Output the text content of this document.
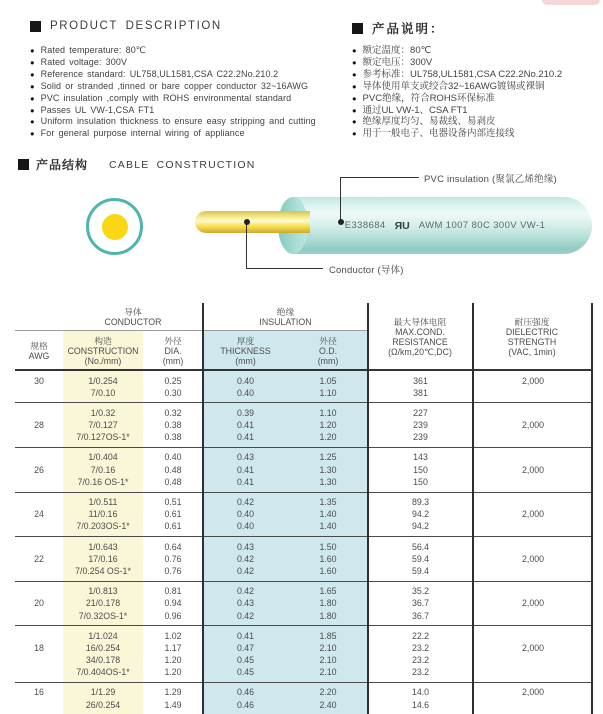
PRODUCT DESCRIPTION
● Rated temperature: 80℃
● Rated voltage: 300V
● Reference standard: UL758,UL1581,CSA C22.2No.210.2
● Solid or stranded ,tinned or bare copper conductor 32~16AWG
● PVC insulation ,comply with ROHS environmental standard
● Passes UL VW-1,CSA FT1
● Uniform insulation thickness to ensure easy stripping and cutting
● For general purpose internal wiring of appliance
产品说明：
● 额定温度：80℃
● 额定电压：300V
● 参考标准：UL758,UL1581,CSA C22.2No.210.2
● 导体使用单支或绞合32~16AWG镀锡或裸铜
● PVC绝缘，符合ROHS环保标准
● 通过UL VW-1、CSA FT1
● 绝缘厚度均匀、易裁线、易剥皮
● 用于一般电子、电器设备内部连接线
产品结构 CABLE CONSTRUCTION
E338684 ЯU AWM 1007 80C 300V VW-1
PVC insulation (聚氯乙烯绝缘)
Conductor (导体)
导体
CONDUCTOR
绝缘
INSULATION	最大导体电阻
MAX.COND.
RESISTANCE
(Ω/km,20℃,DC)
耐压强度
DIELECTRIC
STRENGTH
(VAC, 1min)
规格
AWG
构造
CONSTRUCTION
(No./mm)
外径
DIA.
(mm)
厚度
THICKNESS
(mm)
外径
O.D.
(mm)
30	1/0.254	0.25	0.40	1.05	361
7/0.10	0.30	0.40	1.10	381
2,000
28
1/0.32	0.32	0.39	1.10	227
7/0.127	0.38	0.41	1.20	239
7/0.127OS-1*	0.38	0.41	1.20	239
2,000
26
1/0.404	0.40	0.43	1.25	143
7/0.16	0.48	0.41	1.30	150
7/0.16 OS-1*	0.48	0.41	1.30	150
2,000
24
1/0.511	0.51	0.42	1.35	89.3
11/0.16	0.61	0.40	1.40	94.2
7/0.203OS-1*	0.61	0.40	1.40	94.2
2,000
22
1/0.643	0.64	0.43	1.50	56.4
17/0.16	0.76	0.42	1.60	59.4
7/0.254 OS-1*	0.76	0.42	1.60	59.4
2,000
20
1/0.813	0.81	0.42	1.65	35.2
21/0.178	0.94	0.43	1.80	36.7
7/0.32OS-1*	0.96	0.42	1.80	36.7
2,000
18
1/1.024	1.02	0.41	1.85	22.2
16/0.254	1.17	0.47	2.10	23.2
34/0.178	1.20	0.45	2.10	23.2
7/0.404OS-1*	1.20	0.45	2.10	23.2
2,000
16	1/1.29	1.29	0.46	2.20	14.0
26/0.254	1.49	0.46	2.40	14.6
2,000
